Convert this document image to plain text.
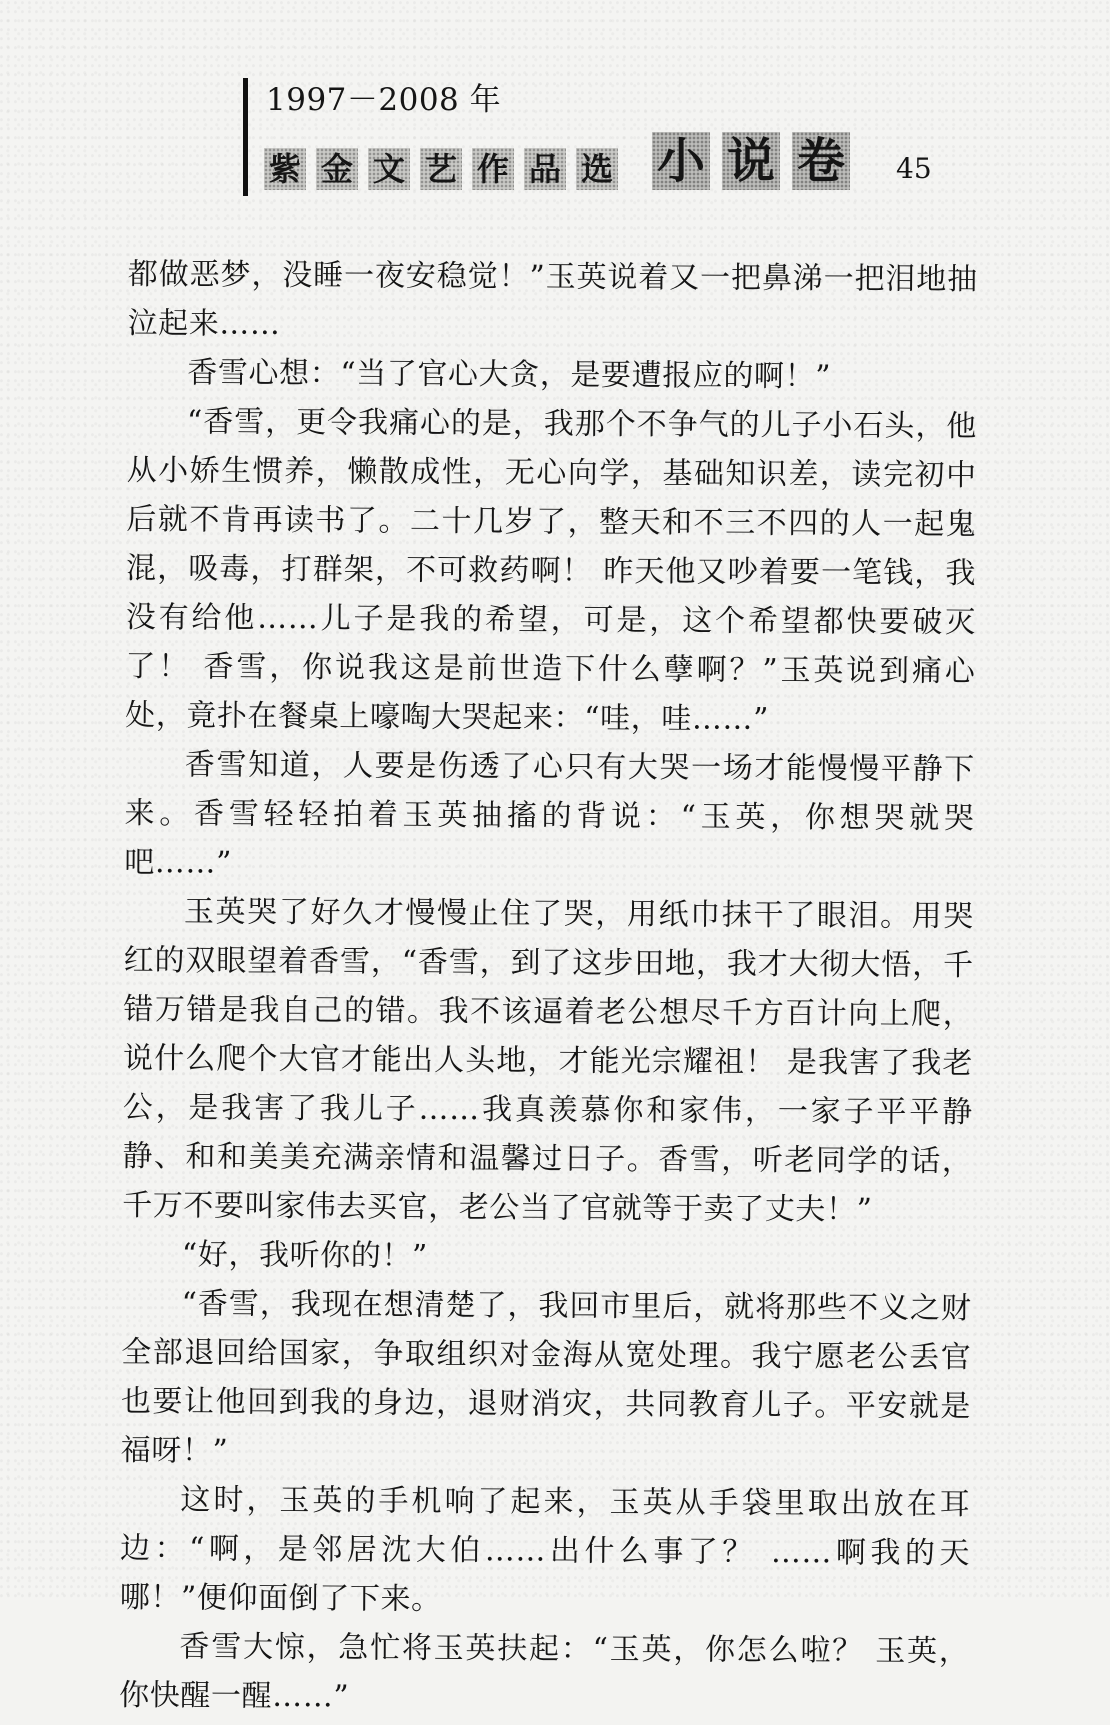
1997－2008 年
紫 金 文 艺 作 品 选 小 说 卷 45

都做恶梦，没睡一夜安稳觉！”玉英说着又一把鼻涕一把泪地抽泣起来……

香雪心想：“当了官心大贪，是要遭报应的啊！”

“香雪，更令我痛心的是，我那个不争气的儿子小石头，他从小娇生惯养，懒散成性，无心向学，基础知识差，读完初中后就不肯再读书了。二十几岁了，整天和不三不四的人一起鬼混，吸毒，打群架，不可救药啊！ 昨天他又吵着要一笔钱，我没有给他……儿子是我的希望，可是，这个希望都快要破灭了！ 香雪，你说我这是前世造下什么孽啊？”玉英说到痛心处，竟扑在餐桌上嚎啕大哭起来：“哇，哇……”

香雪知道，人要是伤透了心只有大哭一场才能慢慢平静下来。香雪轻轻拍着玉英抽搐的背说：“玉英，你想哭就哭吧……”

玉英哭了好久才慢慢止住了哭，用纸巾抹干了眼泪。用哭红的双眼望着香雪，“香雪，到了这步田地，我才大彻大悟，千错万错是我自己的错。我不该逼着老公想尽千方百计向上爬，说什么爬个大官才能出人头地，才能光宗耀祖！ 是我害了我老公，是我害了我儿子……我真羡慕你和家伟，一家子平平静静、和和美美充满亲情和温馨过日子。香雪，听老同学的话，千万不要叫家伟去买官，老公当了官就等于卖了丈夫！”

“好，我听你的！”

“香雪，我现在想清楚了，我回市里后，就将那些不义之财全部退回给国家，争取组织对金海从宽处理。我宁愿老公丢官也要让他回到我的身边，退财消灾，共同教育儿子。平安就是福呀！”

这时，玉英的手机响了起来，玉英从手袋里取出放在耳边：“啊，是邻居沈大伯……出什么事了？ ……啊我的天哪！”便仰面倒了下来。

香雪大惊，急忙将玉英扶起：“玉英，你怎么啦？ 玉英，你快醒一醒……”
